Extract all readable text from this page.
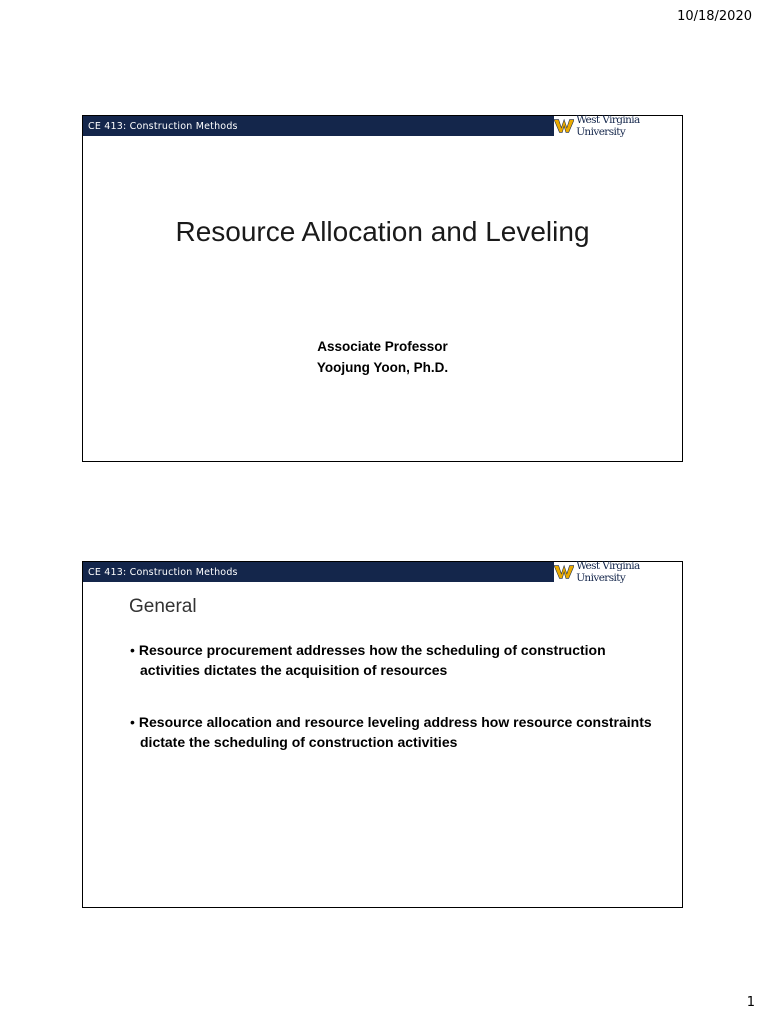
10/18/2020
CE 413: Construction Methods	West Virginia University
Resource Allocation and Leveling
Associate Professor
Yoojung Yoon, Ph.D.
CE 413: Construction Methods	West Virginia University
General
• Resource procurement addresses how the scheduling of construction activities dictates the acquisition of resources
• Resource allocation and resource leveling address how resource constraints dictate the scheduling of construction activities
1
